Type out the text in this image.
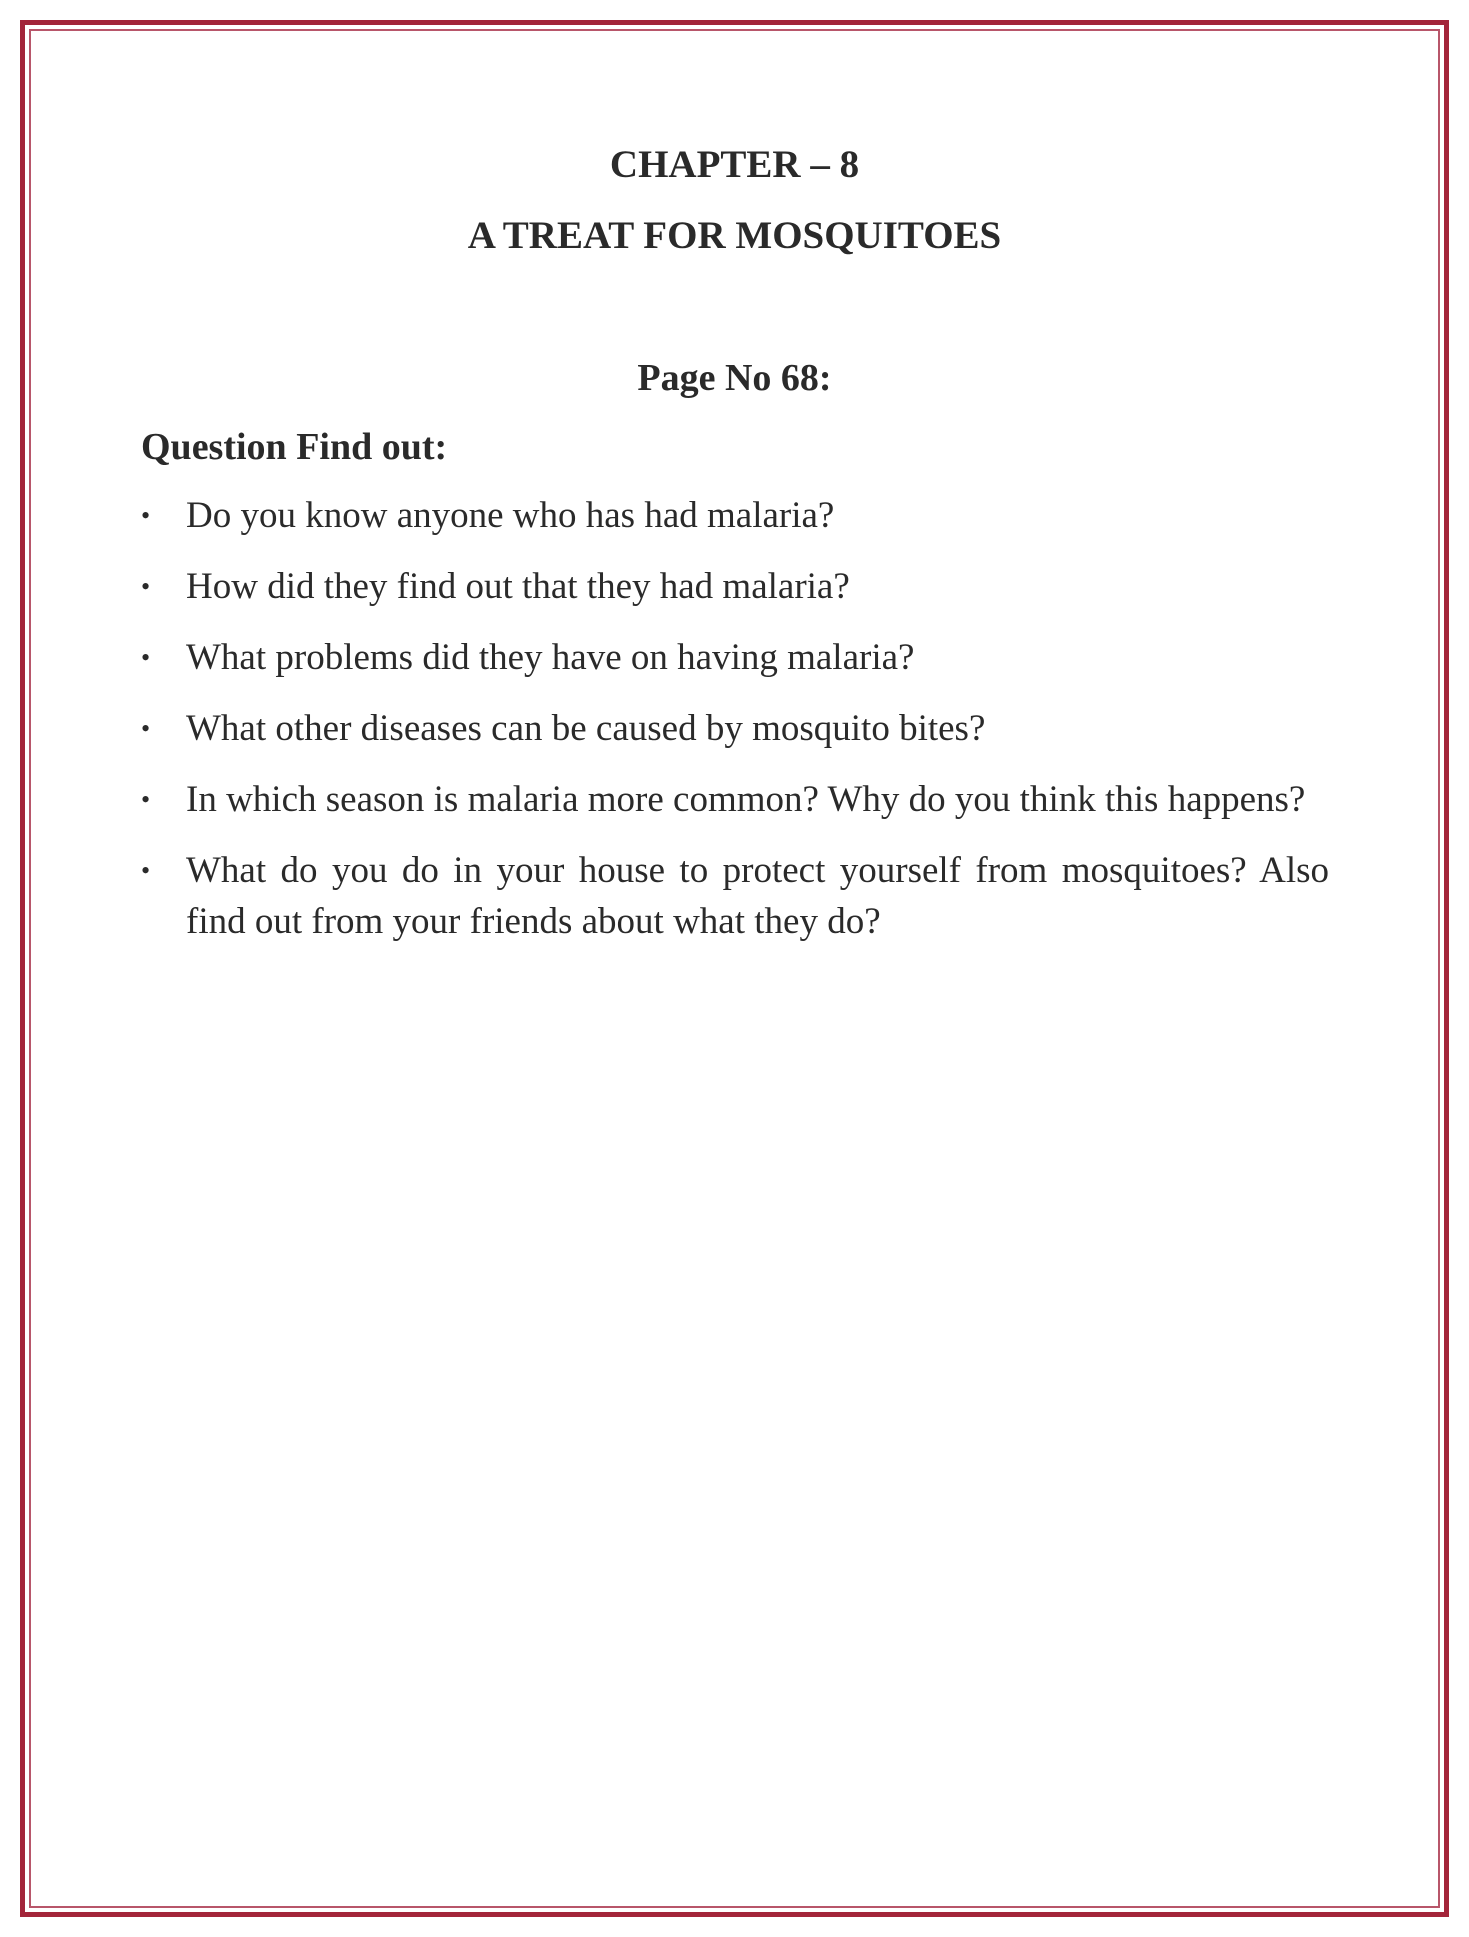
CHAPTER – 8
A TREAT FOR MOSQUITOES
Page No 68:
Question Find out:
• Do you know anyone who has had malaria?
• How did they find out that they had malaria?
• What problems did they have on having malaria?
• What other diseases can be caused by mosquito bites?
• In which season is malaria more common? Why do you think this happens?
• What do you do in your house to protect yourself from mosquitoes? Also find out from your friends about what they do?
